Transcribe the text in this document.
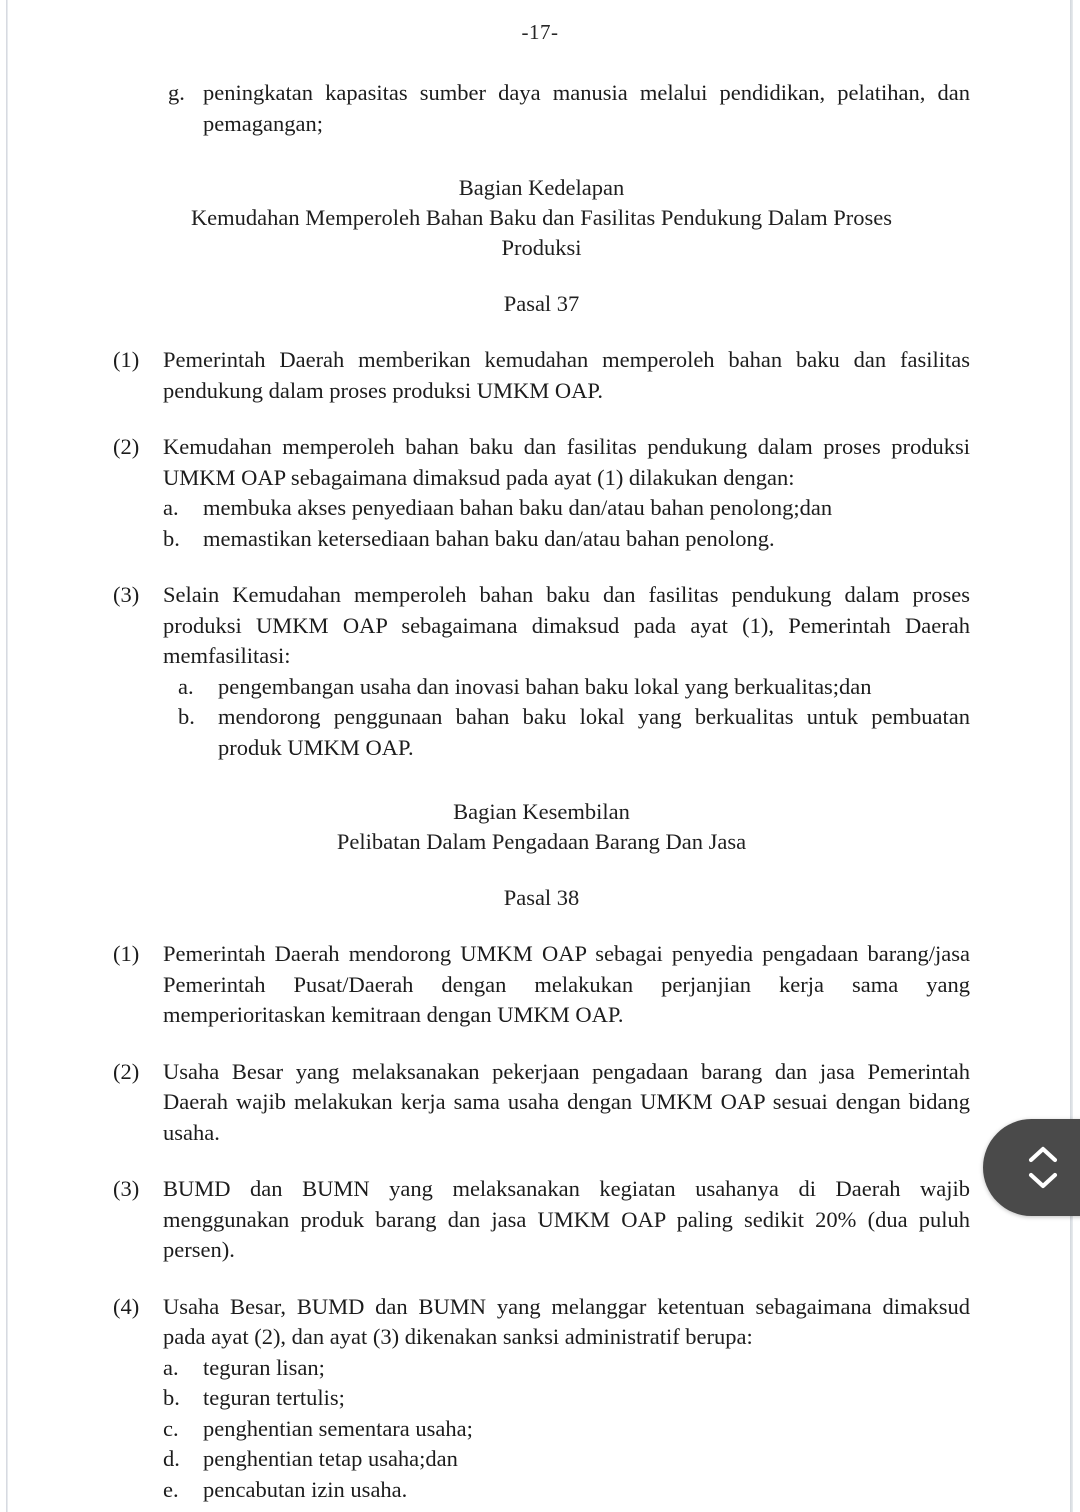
-17-
g. peningkatan kapasitas sumber daya manusia melalui pendidikan, pelatihan, dan pemagangan;
Bagian Kedelapan
Kemudahan Memperoleh Bahan Baku dan Fasilitas Pendukung Dalam Proses
Produksi
Pasal 37
(1)	Pemerintah Daerah memberikan kemudahan memperoleh bahan baku dan fasilitas pendukung dalam proses produksi UMKM OAP.

(2)	Kemudahan memperoleh bahan baku dan fasilitas pendukung dalam proses produksi UMKM OAP sebagaimana dimaksud pada ayat (1) dilakukan dengan:

a.	membuka akses penyediaan bahan baku dan/atau bahan penolong;dan
b.	memastikan ketersediaan bahan baku dan/atau bahan penolong.
(3)	Selain Kemudahan memperoleh bahan baku dan fasilitas pendukung dalam proses produksi UMKM OAP sebagaimana dimaksud pada ayat (1), Pemerintah Daerah memfasilitasi:

a.	pengembangan usaha dan inovasi bahan baku lokal yang berkualitas;dan
b.	mendorong penggunaan bahan baku lokal yang berkualitas untuk pembuatan produk UMKM OAP.
Bagian Kesembilan
Pelibatan Dalam Pengadaan Barang Dan Jasa
Pasal 38
(1)	Pemerintah Daerah mendorong UMKM OAP sebagai penyedia pengadaan barang/jasa Pemerintah Pusat/Daerah dengan melakukan perjanjian kerja sama yang memperioritaskan kemitraan dengan UMKM OAP.

(2)	Usaha Besar yang melaksanakan pekerjaan pengadaan barang dan jasa Pemerintah Daerah wajib melakukan kerja sama usaha dengan UMKM OAP sesuai dengan bidang usaha.

(3)	BUMD dan BUMN yang melaksanakan kegiatan usahanya di Daerah wajib menggunakan produk barang dan jasa UMKM OAP paling sedikit 20% (dua puluh persen).

(4)	Usaha Besar, BUMD dan BUMN yang melanggar ketentuan sebagaimana dimaksud pada ayat (2), dan ayat (3) dikenakan sanksi administratif berupa:

a.	teguran lisan;
b.	teguran tertulis;
c.	penghentian sementara usaha;
d.	penghentian tetap usaha;dan
e.	pencabutan izin usaha.
